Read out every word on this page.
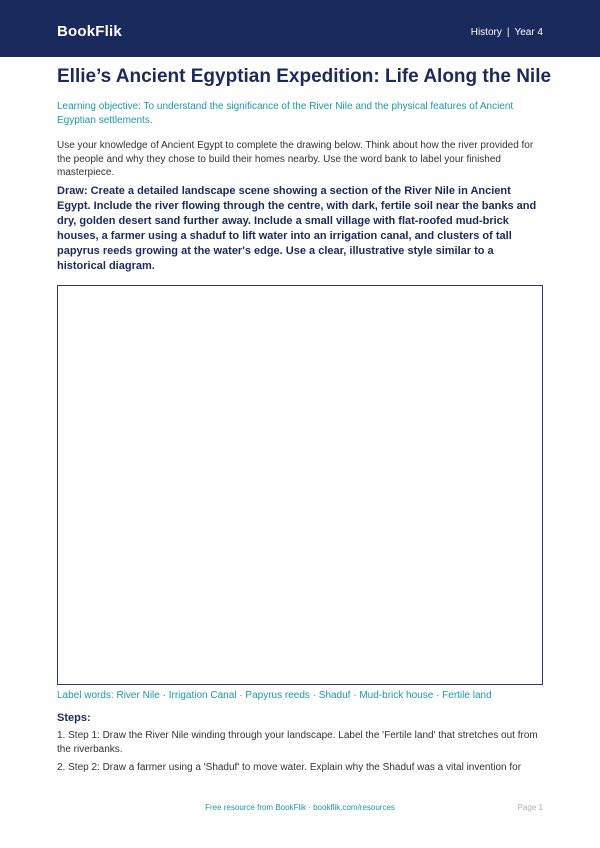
BookFlik	History | Year 4
Ellie’s Ancient Egyptian Expedition: Life Along the Nile
Learning objective: To understand the significance of the River Nile and the physical features of Ancient Egyptian settlements.
Use your knowledge of Ancient Egypt to complete the drawing below. Think about how the river provided for the people and why they chose to build their homes nearby. Use the word bank to label your finished masterpiece.
Draw: Create a detailed landscape scene showing a section of the River Nile in Ancient Egypt. Include the river flowing through the centre, with dark, fertile soil near the banks and dry, golden desert sand further away. Include a small village with flat-roofed mud-brick houses, a farmer using a shaduf to lift water into an irrigation canal, and clusters of tall papyrus reeds growing at the water's edge. Use a clear, illustrative style similar to a historical diagram.
Label words: River Nile · Irrigation Canal · Papyrus reeds · Shaduf · Mud-brick house · Fertile land
Steps:

1. Step 1: Draw the River Nile winding through your landscape. Label the 'Fertile land' that stretches out from the riverbanks.

2. Step 2: Draw a farmer using a 'Shaduf' to move water. Explain why the Shaduf was a vital invention for

Free resource from BookFlik · bookflik.com/resources	Page 1
